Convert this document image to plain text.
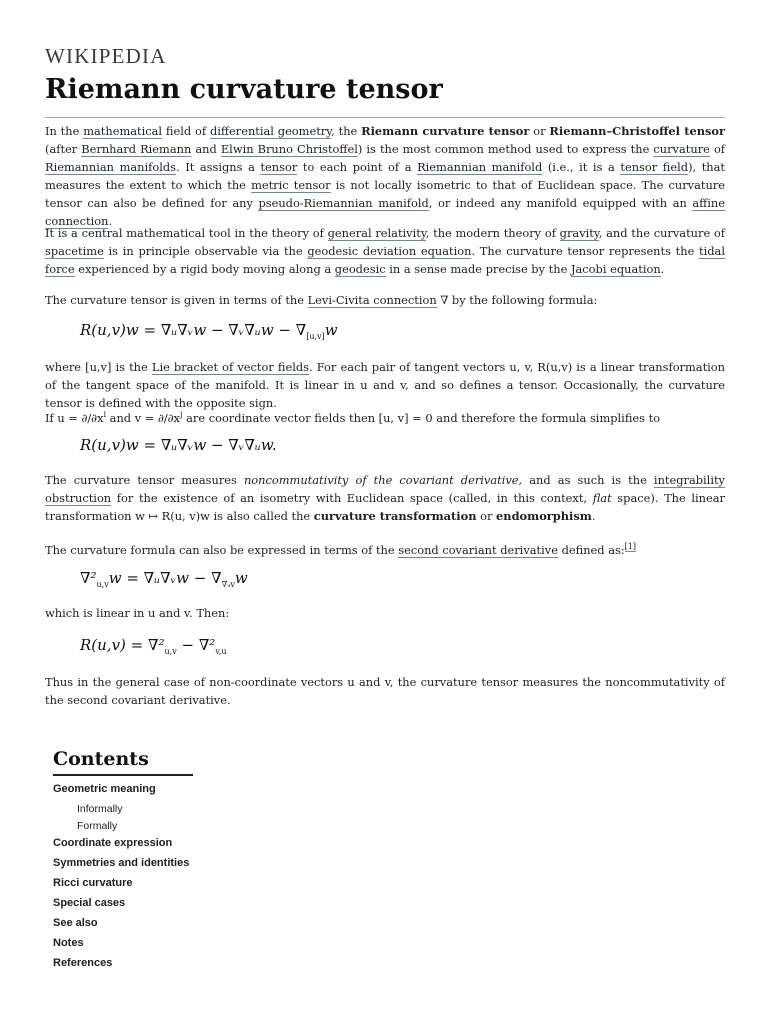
WIKIPEDIA
Riemann curvature tensor

In the mathematical field of differential geometry, the Riemann curvature tensor or Riemann–Christoffel tensor (after Bernhard Riemann and Elwin Bruno Christoffel) is the most common method used to express the curvature of Riemannian manifolds. It assigns a tensor to each point of a Riemannian manifold (i.e., it is a tensor field), that measures the extent to which the metric tensor is not locally isometric to that of Euclidean space. The curvature tensor can also be defined for any pseudo-Riemannian manifold, or indeed any manifold equipped with an affine connection.

It is a central mathematical tool in the theory of general relativity, the modern theory of gravity, and the curvature of spacetime is in principle observable via the geodesic deviation equation. The curvature tensor represents the tidal force experienced by a rigid body moving along a geodesic in a sense made precise by the Jacobi equation.

The curvature tensor is given in terms of the Levi-Civita connection ∇ by the following formula:

R(u,v)w = ∇ᵤ∇ᵥw − ∇ᵥ∇ᵤw − $\nabla_{[u,v]}w$

where [u,v] is the Lie bracket of vector fields. For each pair of tangent vectors u, v, R(u,v) is a linear transformation of the tangent space of the manifold. It is linear in u and v, and so defines a tensor. Occasionally, the curvature tensor is defined with the opposite sign.

If $u = \partial/\partial x^i$ and $v = \partial/\partial x^j$ are coordinate vector fields then [u, v] = 0 and therefore the formula simplifies to

R(u,v)w = ∇ᵤ∇ᵥw − ∇ᵥ∇ᵤw.

The curvature tensor measures noncommutativity of the covariant derivative, and as such is the integrability obstruction for the existence of an isometry with Euclidean space (called, in this context, flat space). The linear transformation w ↦ R(u, v)w is also called the curvature transformation or endomorphism.

The curvature formula can also be expressed in terms of the second covariant derivative defined as:[1]

$\nabla^2_{u,v}w$ = ∇ᵤ∇ᵥw − $\nabla_{\nabla ᵤv}w$

which is linear in u and v. Then:

$R(u,v) = \nabla^2_{u,v} - \nabla^2_{v,u}$

Thus in the general case of non-coordinate vectors u and v, the curvature tensor measures the noncommutativity of the second covariant derivative.

Contents
Geometric meaning
Informally
Formally
Coordinate expression
Symmetries and identities
Ricci curvature
Special cases
See also
Notes
References
